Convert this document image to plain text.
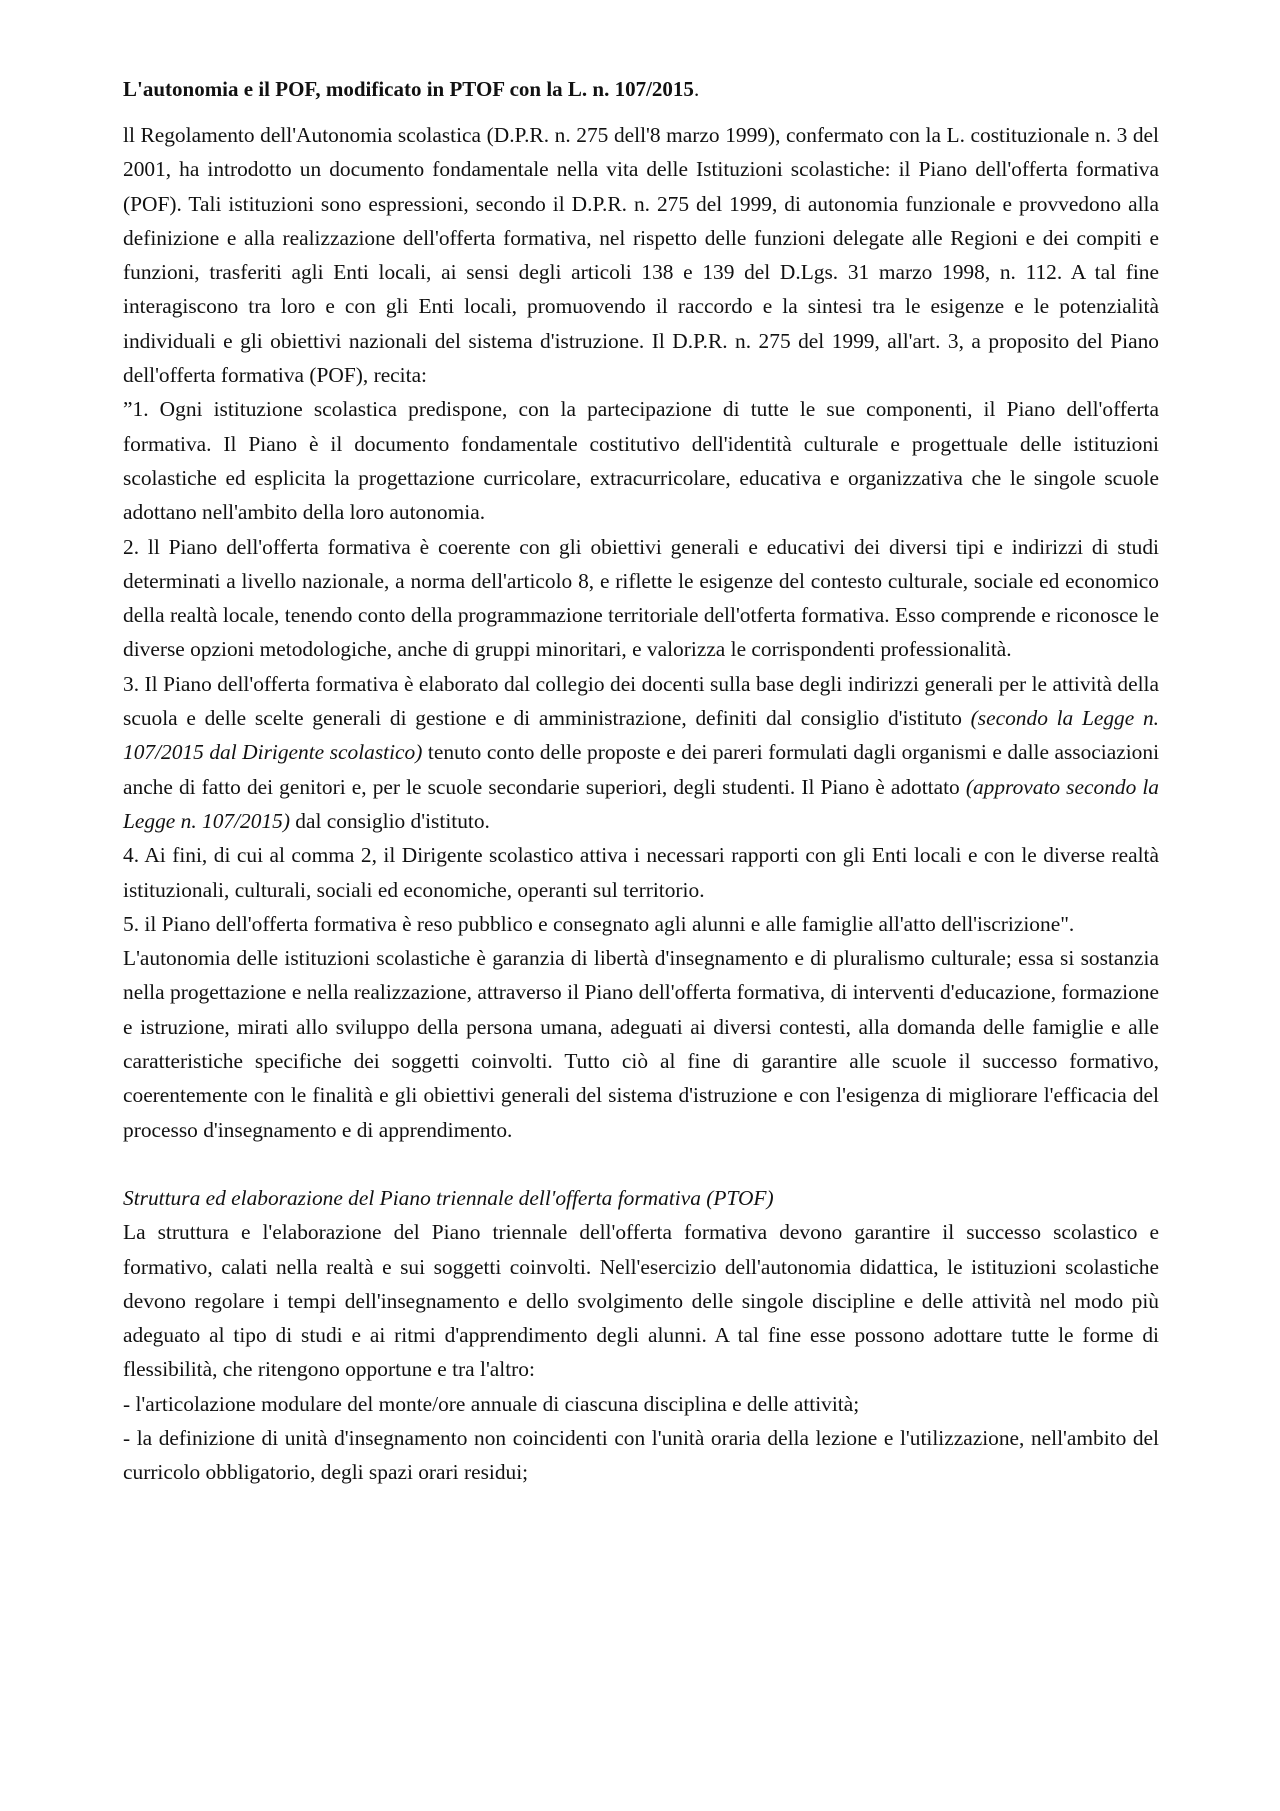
L'autonomia e il POF, modificato in PTOF con la L. n. 107/2015.

ll Regolamento dell'Autonomia scolastica (D.P.R. n. 275 dell'8 marzo 1999), confermato con la L. costituzionale n. 3 del 2001, ha introdotto un documento fondamentale nella vita delle Istituzioni scolastiche: il Piano dell'offerta formativa (POF). Tali istituzioni sono espressioni, secondo il D.P.R. n. 275 del 1999, di autonomia funzionale e provvedono alla definizione e alla realizzazione dell'offerta formativa, nel rispetto delle funzioni delegate alle Regioni e dei compiti e funzioni, trasferiti agli Enti locali, ai sensi degli articoli 138 e 139 del D.Lgs. 31 marzo 1998, n. 112. A tal fine interagiscono tra loro e con gli Enti locali, promuovendo il raccordo e la sintesi tra le esigenze e le potenzialità individuali e gli obiettivi nazionali del sistema d'istruzione. Il D.P.R. n. 275 del 1999, all'art. 3, a proposito del Piano dell'offerta formativa (POF), recita:

”1. Ogni istituzione scolastica predispone, con la partecipazione di tutte le sue componenti, il Piano dell'offerta formativa. Il Piano è il documento fondamentale costitutivo dell'identità culturale e progettuale delle istituzioni scolastiche ed esplicita la progettazione curricolare, extracurricolare, educativa e organizzativa che le singole scuole adottano nell'ambito della loro autonomia.

2. ll Piano dell'offerta formativa è coerente con gli obiettivi generali e educativi dei diversi tipi e indirizzi di studi determinati a livello nazionale, a norma dell'articolo 8, e riflette le esigenze del contesto culturale, sociale ed economico della realtà locale, tenendo conto della programmazione territoriale dell'otferta formativa. Esso comprende e riconosce le diverse opzioni metodologiche, anche di gruppi minoritari, e valorizza le corrispondenti professionalità.

3. Il Piano dell'offerta formativa è elaborato dal collegio dei docenti sulla base degli indirizzi generali per le attività della scuola e delle scelte generali di gestione e di amministrazione, definiti dal consiglio d'istituto (secondo la Legge n. 107/2015 dal Dirigente scolastico) tenuto conto delle proposte e dei pareri formulati dagli organismi e dalle associazioni anche di fatto dei genitori e, per le scuole secondarie superiori, degli studenti. Il Piano è adottato (approvato secondo la Legge n. 107/2015) dal consiglio d'istituto.

4. Ai fini, di cui al comma 2, il Dirigente scolastico attiva i necessari rapporti con gli Enti locali e con le diverse realtà istituzionali, culturali, sociali ed economiche, operanti sul territorio.

5. il Piano dell'offerta formativa è reso pubblico e consegnato agli alunni e alle famiglie all'atto dell'iscrizione".

L'autonomia delle istituzioni scolastiche è garanzia di libertà d'insegnamento e di pluralismo culturale; essa si sostanzia nella progettazione e nella realizzazione, attraverso il Piano dell'offerta formativa, di interventi d'educazione, formazione e istruzione, mirati allo sviluppo della persona umana, adeguati ai diversi contesti, alla domanda delle famiglie e alle caratteristiche specifiche dei soggetti coinvolti. Tutto ciò al fine di garantire alle scuole il successo formativo, coerentemente con le finalità e gli obiettivi generali del sistema d'istruzione e con l'esigenza di migliorare l'efficacia del processo d'insegnamento e di apprendimento.

Struttura ed elaborazione del Piano triennale dell'offerta formativa (PTOF)

La struttura e l'elaborazione del Piano triennale dell'offerta formativa devono garantire il successo scolastico e formativo, calati nella realtà e sui soggetti coinvolti. Nell'esercizio dell'autonomia didattica, le istituzioni scolastiche devono regolare i tempi dell'insegnamento e dello svolgimento delle singole discipline e delle attività nel modo più adeguato al tipo di studi e ai ritmi d'apprendimento degli alunni. A tal fine esse possono adottare tutte le forme di flessibilità, che ritengono opportune e tra l'altro:

- l'articolazione modulare del monte/ore annuale di ciascuna disciplina e delle attività;

- la definizione di unità d'insegnamento non coincidenti con l'unità oraria della lezione e l'utilizzazione, nell'ambito del curricolo obbligatorio, degli spazi orari residui;
